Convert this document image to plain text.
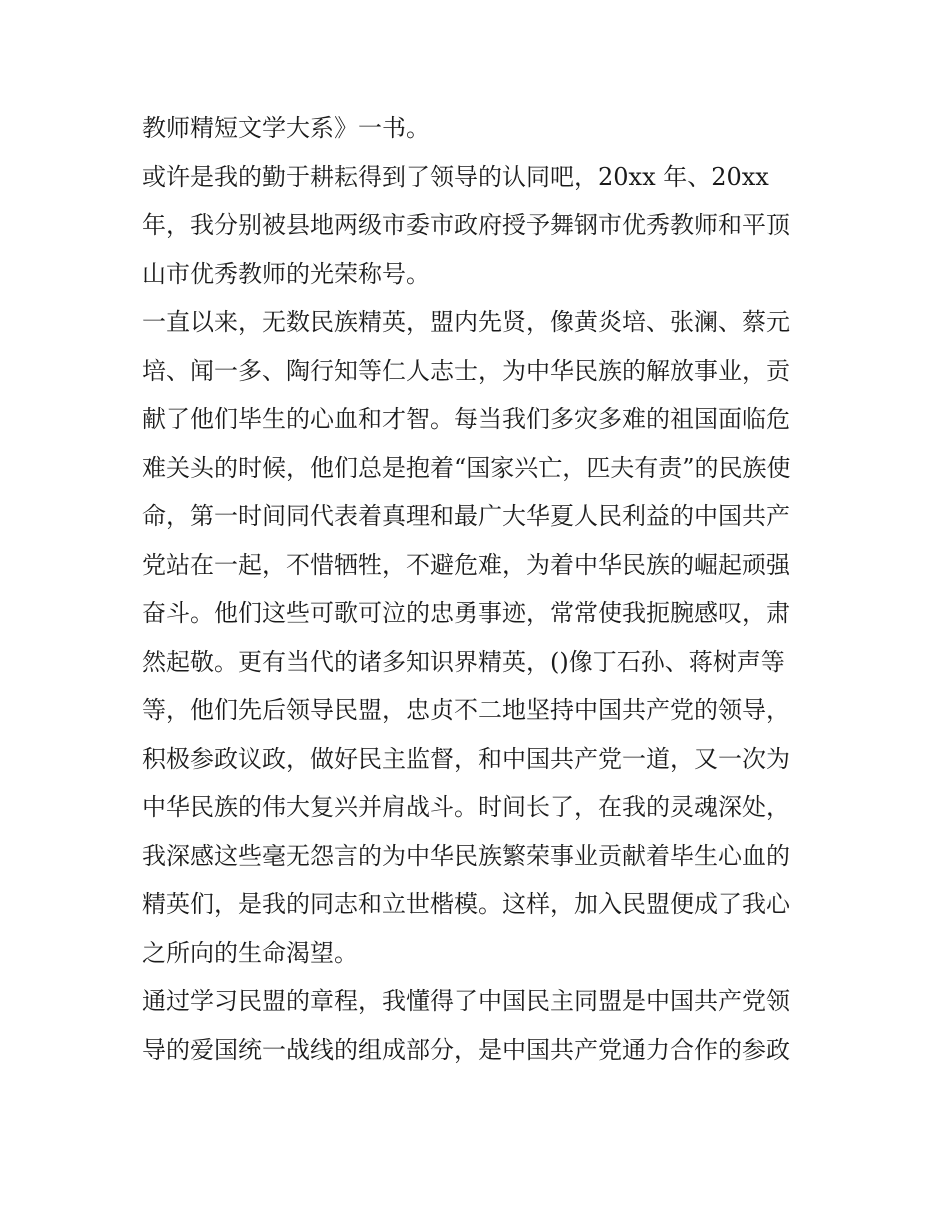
教师精短文学大系》一书。
或许是我的勤于耕耘得到了领导的认同吧，20xx 年、20xx
年，我分别被县地两级市委市政府授予舞钢市优秀教师和平顶
山市优秀教师的光荣称号。
一直以来，无数民族精英，盟内先贤，像黄炎培、张澜、蔡元
培、闻一多、陶行知等仁人志士，为中华民族的解放事业，贡
献了他们毕生的心血和才智。每当我们多灾多难的祖国面临危
难关头的时候，他们总是抱着“国家兴亡，匹夫有责”的民族使
命，第一时间同代表着真理和最广大华夏人民利益的中国共产
党站在一起，不惜牺牲，不避危难，为着中华民族的崛起顽强
奋斗。他们这些可歌可泣的忠勇事迹，常常使我扼腕感叹，肃
然起敬。更有当代的诸多知识界精英，()像丁石孙、蒋树声等
等，他们先后领导民盟，忠贞不二地坚持中国共产党的领导，
积极参政议政，做好民主监督，和中国共产党一道，又一次为
中华民族的伟大复兴并肩战斗。时间长了，在我的灵魂深处，
我深感这些毫无怨言的为中华民族繁荣事业贡献着毕生心血的
精英们，是我的同志和立世楷模。这样，加入民盟便成了我心
之所向的生命渴望。
通过学习民盟的章程，我懂得了中国民主同盟是中国共产党领
导的爱国统一战线的组成部分，是中国共产党通力合作的参政
